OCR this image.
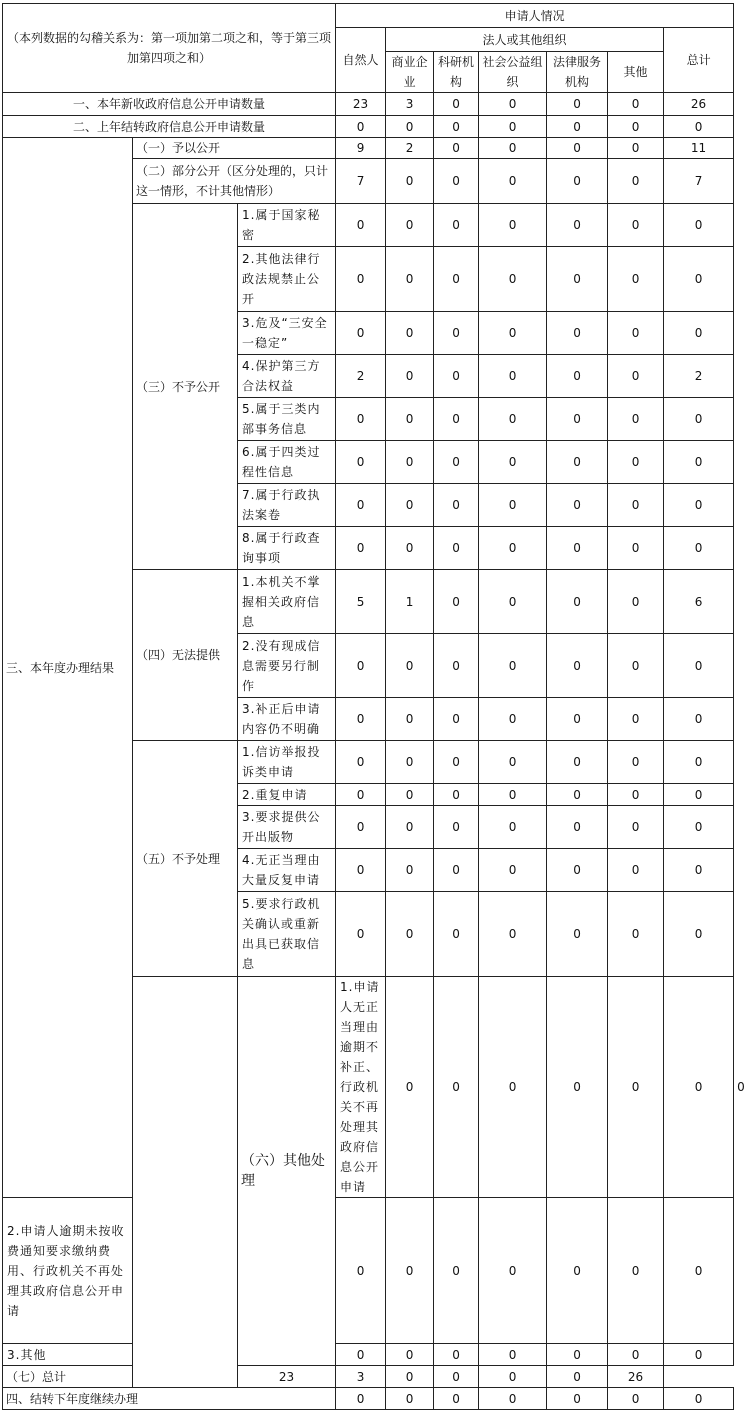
（本列数据的勾稽关系为：第一项加第二项之和，等于第三项加第四项之和）			申请人情况							
			自然人	法人或其他组织					总计	
				商业企业	科研机构	社会公益组织	法律服务机构	其他		
一、本年新收政府信息公开申请数量			23	3	0	0	0	0	26	
二、上年结转政府信息公开申请数量			0	0	0	0	0	0	0	
三、本年度办理结果	（一）予以公开		9	2	0	0	0	0	11	
	（二）部分公开（区分处理的，只计这一情形，不计其他情形）		7	0	0	0	0	0	7	
	（三）不予公开	1.属于国家秘密	0	0	0	0	0	0	0	
		2.其他法律行政法规禁止公开	0	0	0	0	0	0	0	
		3.危及“三安全一稳定”	0	0	0	0	0	0	0	
		4.保护第三方合法权益	2	0	0	0	0	0	2	
		5.属于三类内部事务信息	0	0	0	0	0	0	0	
		6.属于四类过程性信息	0	0	0	0	0	0	0	
		7.属于行政执法案卷	0	0	0	0	0	0	0	
		8.属于行政查询事项	0	0	0	0	0	0	0	
	（四）无法提供	1.本机关不掌握相关政府信息	5	1	0	0	0	0	6	
		2.没有现成信息需要另行制作	0	0	0	0	0	0	0	
		3.补正后申请内容仍不明确	0	0	0	0	0	0	0	
	（五）不予处理	1.信访举报投诉类申请	0	0	0	0	0	0	0	
		2.重复申请	0	0	0	0	0	0	0	
		3.要求提供公开出版物	0	0	0	0	0	0	0	
		4.无正当理由大量反复申请	0	0	0	0	0	0	0	
		5.要求行政机关确认或重新出具已获取信息	0	0	0	0	0	0	0	
		（六）其他处理	1.申请人无正当理由逾期不补正、行政机关不再处理其政府信息公开申请	0	0	0	0	0	0	0
2.申请人逾期未按收费通知要求缴纳费用、行政机关不再处理其政府信息公开申请			0	0	0	0	0	0	0	
3.其他			0	0	0	0	0	0	0	
（七）总计		23	3	0	0	0	0	26		
四、结转下年度继续办理			0	0	0	0	0	0	0	
